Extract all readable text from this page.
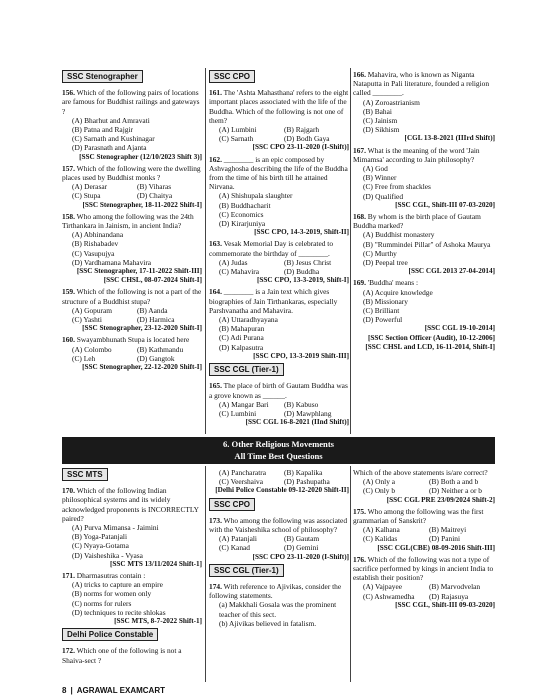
SSC Stenographer
156. Which of the following pairs of locations are famous for Buddhist railings and gateways ?
(A) Bharhut and Amravati
(B) Patna and Rajgir
(C) Sarnath and Kushinagar
(D) Parasnath and Ajanta
[SSC Stenographer (12/10/2023 Shift 3)]
157. Which of the following were the dwelling places used by Buddhist monks ?
(A) Derasar	(B) Viharas
(C) Stupa	(D) Chaitya
[SSC Stenographer, 18-11-2022 Shift-I]
158. Who among the following was the 24th Tirthankara in Jainism, in ancient India?
(A) Abhinandana
(B) Rishabadev
(C) Vasupujya
(D) Vardhamana Mahavira
[SSC Stenographer, 17-11-2022 Shift-III]
[SSC CHSL, 08-07-2024 Shift-I]
159. Which of the following is not a part of the structure of a Buddhist stupa?
(A) Gopuram	(B) Aanda
(C) Yashti	(D) Harmica
[SSC Stenographer, 23-12-2020 Shift-I]
160. Swayambhunath Stupa is located here
(A) Colombo	(B) Kathmandu
(C) Leh	(D) Gangtok
[SSC Stenographer, 22-12-2020 Shift-I]
SSC CPO
161. The 'Ashta Mahasthana' refers to the eight important places associated with the life of the Buddha. Which of the following is not one of them?
(A) Lumbini	(B) Rajgarh
(C) Sarnath	(D) Bodh Gaya
[SSC CPO 23-11-2020 (I-Shift)]
162. ________ is an epic composed by Ashvaghosha describing the life of the Buddha from the time of his birth till he attained Nirvana.
(A) Shishupala slaughter
(B) Buddhacharit
(C) Economics
(D) Kirarjuniya
[SSC CPO, 14-3-2019, Shift-II]
163. Vesak Memorial Day is celebrated to commemorate the birthday of ________.
(A) Judas	(B) Jesus Christ
(C) Mahavira	(D) Buddha
[SSC CPO, 13-3-2019, Shift-I]
164. ________ is a Jain text which gives biographies of Jain Tirthankaras, especially Parshvanatha and Mahavira.
(A) Uttaradhyayana
(B) Mahapuran
(C) Adi Purana
(D) Kalpasutra
[SSC CPO, 13-3-2019 Shift-III]
SSC CGL (Tier-1)
165. The place of birth of Gautam Buddha was a grove known as ______.
(A) Mangar Bari	(B) Kabuso
(C) Lumbini	(D) Mawphlang
[SSC CGL 16-8-2021 (IInd Shift)]
166. Mahavira, who is known as Niganta Nataputta in Pali literature, founded a religion called ________.
(A) Zoroastrianism
(B) Bahai
(C) Jainism
(D) Sikhism
[CGL 13-8-2021 (IIIrd Shift)]
167. What is the meaning of the word 'Jain Mimamsa' according to Jain philosophy?
(A) God
(B) Winner
(C) Free from shackles
(D) Qualified
[SSC CGL, Shift-III 07-03-2020]
168. By whom is the birth place of Gautam Buddha marked?
(A) Buddhist monastery
(B) "Rummindei Pillar" of Ashoka Maurya
(C) Murthy
(D) Peepal tree
[SSC CGL 2013 27-04-2014]
169. 'Buddha' means :
(A) Acquire knowledge
(B) Missionary
(C) Brilliant
(D) Powerful
[SSC CGL 19-10-2014]
[SSC Section Officer (Audit), 10-12-2006]
[SSC CHSL and LCD, 16-11-2014, Shift-I]
6. Other Religious Movements
All Time Best Questions
SSC MTS
170. Which of the following Indian philosophical systems and its widely acknowledged proponents is INCORRECTLY paired?
(A) Purva Mimansa - Jaimini
(B) Yoga-Patanjali
(C) Nyaya-Gotama
(D) Vaisheshika - Vyasa
[SSC MTS 13/11/2024 Shift-1]
171. Dharmasutras contain :
(A) tricks to capture an empire
(B) norms for women only
(C) norms for rulers
(D) techniques to recite shlokas
[SSC MTS, 8-7-2022 Shift-1]
Delhi Police Constable
172. Which one of the following is not a Shaiva-sect ?
(A) Pancharatra	(B) Kapalika
(C) Veershaiva	(D) Pashupatha
[Delhi Police Constable 09-12-2020 Shift-II]
SSC CPO
173. Who among the following was associated with the Vaisheshika school of philosophy?
(A) Patanjali	(B) Gautam
(C) Kanad	(D) Gemini
[SSC CPO 23-11-2020 (I-Shift)]
SSC CGL (Tier-1)
174. With reference to Ajivikas, consider the following statements.
(a) Makkhali Gosala was the prominent teacher of this sect.
(b) Ajivikas believed in fatalism.
Which of the above statements is/are correct?
(A) Only a	(B) Both a and b
(C) Only b	(D) Neither a or b
[SSC CGL PRE 23/09/2024 Shift-2]
175. Who among the following was the first grammarian of Sanskrit?
(A) Kalhana	(B) Maitreyi
(C) Kalidas	(D) Panini
[SSC CGL(CBE) 08-09-2016 Shift-III]
176. Which of the following was not a type of sacrifice performed by kings in ancient India to establish their position?
(A) Vajpayee	(B) Marvodvelan
(C) Ashwamedha	(D) Rajasuya
[SSC CGL, Shift-III 09-03-2020]
8 | AGRAWAL EXAMCART
